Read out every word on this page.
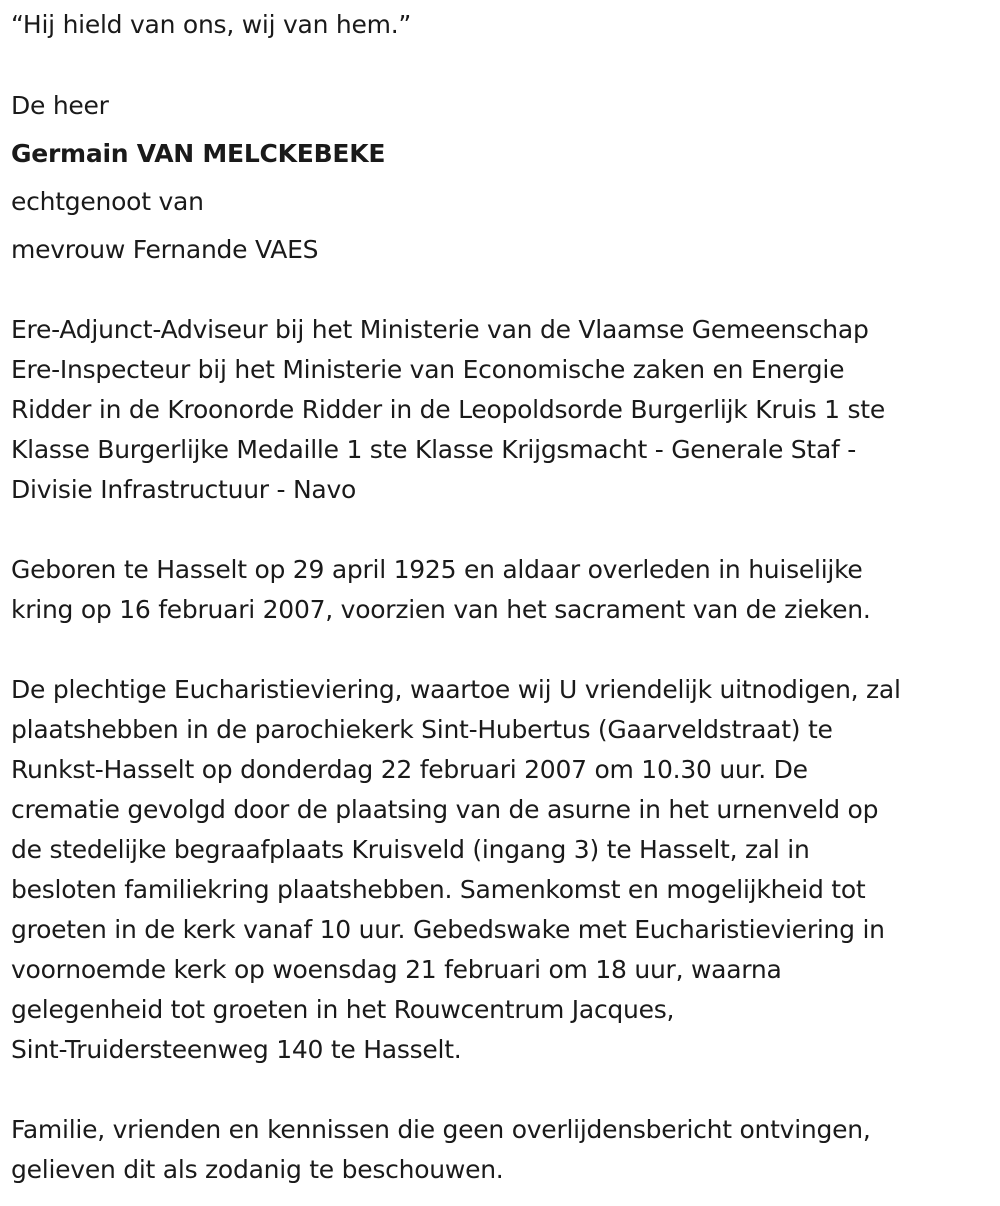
“Hij hield van ons, wij van hem.”
De heer
Germain VAN MELCKEBEKE
echtgenoot van
mevrouw Fernande VAES
Ere-Adjunct-Adviseur bij het Ministerie van de Vlaamse Gemeenschap
Ere-Inspecteur bij het Ministerie van Economische zaken en Energie
Ridder in de Kroonorde Ridder in de Leopoldsorde Burgerlijk Kruis 1 ste
Klasse Burgerlijke Medaille 1 ste Klasse Krijgsmacht - Generale Staf -
Divisie Infrastructuur - Navo
Geboren te Hasselt op 29 april 1925 en aldaar overleden in huiselijke
kring op 16 februari 2007, voorzien van het sacrament van de zieken.
De plechtige Eucharistieviering, waartoe wij U vriendelijk uitnodigen, zal
plaatshebben in de parochiekerk Sint-Hubertus (Gaarveldstraat) te
Runkst-Hasselt op donderdag 22 februari 2007 om 10.30 uur. De
crematie gevolgd door de plaatsing van de asurne in het urnenveld op
de stedelijke begraafplaats Kruisveld (ingang 3) te Hasselt, zal in
besloten familiekring plaatshebben. Samenkomst en mogelijkheid tot
groeten in de kerk vanaf 10 uur. Gebedswake met Eucharistieviering in
voornoemde kerk op woensdag 21 februari om 18 uur, waarna
gelegenheid tot groeten in het Rouwcentrum Jacques,
Sint-Truidersteenweg 140 te Hasselt.
Familie, vrienden en kennissen die geen overlijdensbericht ontvingen,
gelieven dit als zodanig te beschouwen.
